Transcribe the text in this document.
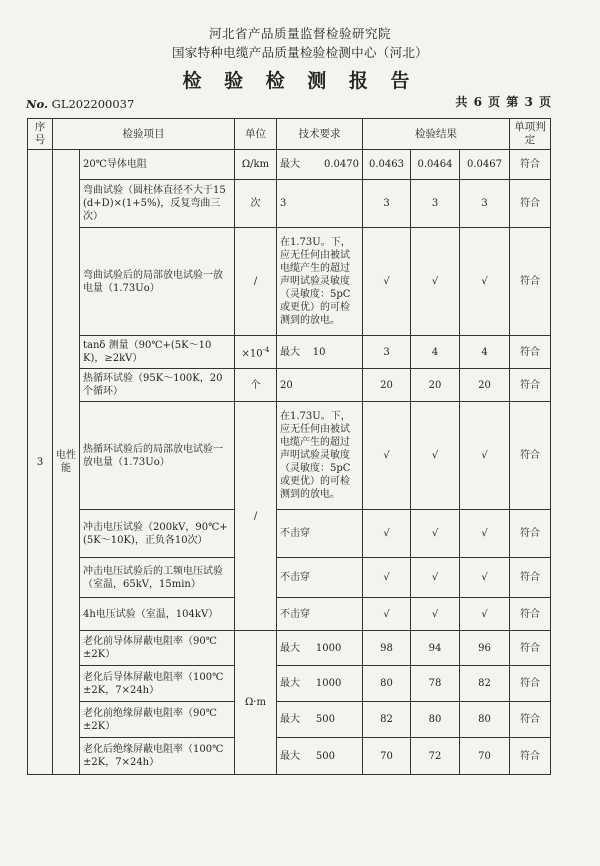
河北省产品质量监督检验研究院
国家特种电缆产品质量检验检测中心（河北）
检 验 检 测 报 告
No. GL202200037	共 6 页 第 3 页
序号	检验项目		单位	技术要求	检验结果			单项判定
3	电性能	20℃导体电阻	Ω/km	最大 0.0470	0.0463	0.0464	0.0467	符合
		弯曲试验（圆柱体直径不大于15(d+D)×(1+5%)，反复弯曲三次）	次	3	3	3	3	符合
		弯曲试验后的局部放电试验一放电量（1.73Uo）	/	在1.73U。下，应无任何由被试电缆产生的超过声明试验灵敏度（灵敏度：5pC或更优）的可检测到的放电。	√	√	√	符合
		tanδ 测量（90℃+(5K～10K)，≥2kV）	$\times 10^{-4}$	最大 10	3	4	4	符合
		热循环试验（95K～100K，20个循环）	个	20	20	20	20	符合
		热循环试验后的局部放电试验一放电量（1.73Uo）	/	在1.73U。下，应无任何由被试电缆产生的超过声明试验灵敏度（灵敏度：5pC或更优）的可检测到的放电。	√	√	√	符合
		冲击电压试验（200kV，90℃+(5K～10K)，正负各10次）		不击穿	√	√	√	符合
		冲击电压试验后的工频电压试验（室温，65kV，15min）		不击穿	√	√	√	符合
		4h电压试验（室温，104kV）		不击穿	√	√	√	符合
		老化前导体屏蔽电阻率（90℃±2K）	Ω·m	最大 1000	98	94	96	符合
		老化后导体屏蔽电阻率（100℃±2K，7×24h）		最大 1000	80	78	82	符合
		老化前绝缘屏蔽电阻率（90℃±2K）		最大 500	82	80	80	符合
		老化后绝缘屏蔽电阻率（100℃±2K，7×24h）		最大 500	70	72	70	符合
